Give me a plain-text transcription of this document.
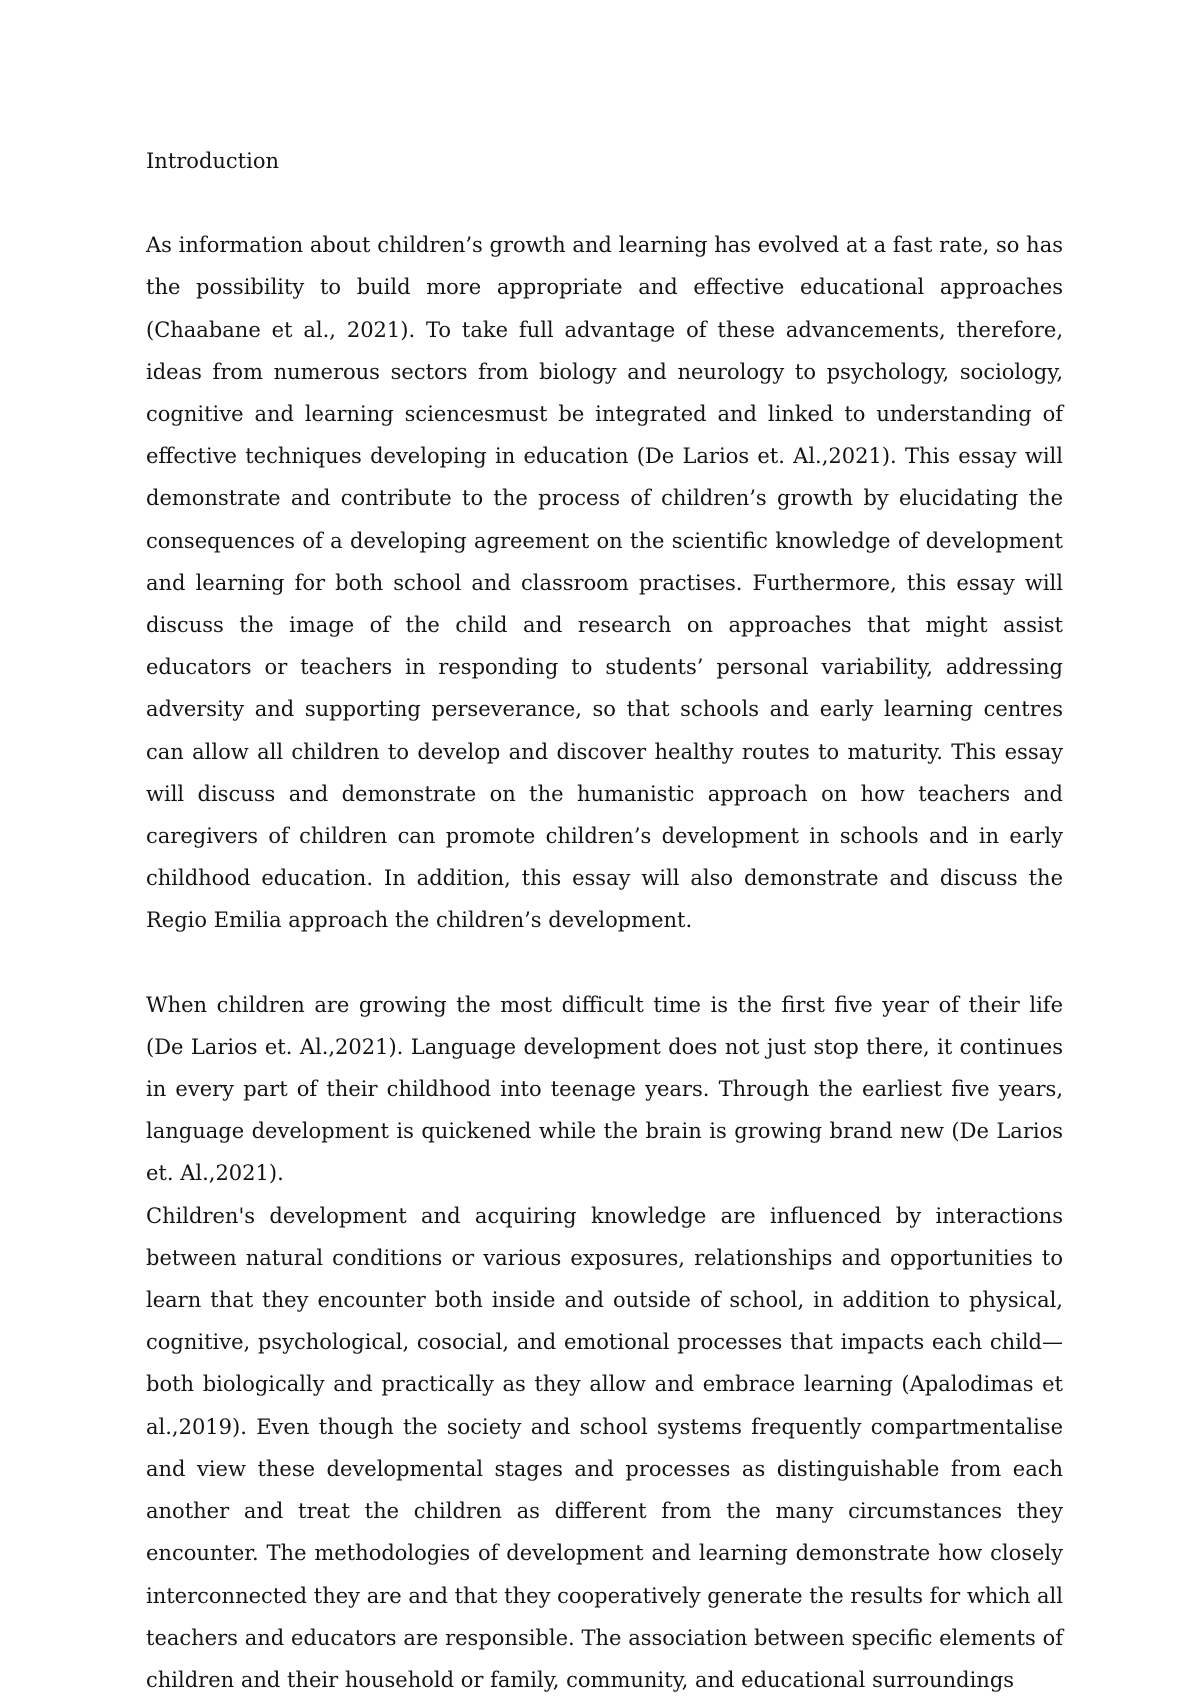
Introduction

As information about children’s growth and learning has evolved at a fast rate, so has the possibility to build more appropriate and effective educational approaches (Chaabane et al., 2021). To take full advantage of these advancements, therefore, ideas from numerous sectors from biology and neurology to psychology, sociology, cognitive and learning sciencesmust be integrated and linked to understanding of effective techniques developing in education (De Larios et. Al.,2021). This essay will demonstrate and contribute to the process of children’s growth by elucidating the consequences of a developing agreement on the scientific knowledge of development and learning for both school and classroom practises. Furthermore, this essay will discuss the image of the child and research on approaches that might assist educators or teachers in responding to students’ personal variability, addressing adversity and supporting perseverance, so that schools and early learning centres can allow all children to develop and discover healthy routes to maturity. This essay will discuss and demonstrate on the humanistic approach on how teachers and caregivers of children can promote children’s development in schools and in early childhood education. In addition, this essay will also demonstrate and discuss the Regio Emilia approach the children’s development.

When children are growing the most difficult time is the first five year of their life (De Larios et. Al.,2021). Language development does not just stop there, it continues in every part of their childhood into teenage years. Through the earliest five years, language development is quickened while the brain is growing brand new (De Larios et. Al.,2021).

Children's development and acquiring knowledge are influenced by interactions between natural conditions or various exposures, relationships and opportunities to learn that they encounter both inside and outside of school, in addition to physical, cognitive, psychological, cosocial, and emotional processes that impacts each child—both biologically and practically as they allow and embrace learning (Apalodimas et al.,2019). Even though the society and school systems frequently compartmentalise and view these developmental stages and processes as distinguishable from each another and treat the children as different from the many circumstances they encounter. The methodologies of development and learning demonstrate how closely interconnected they are and that they cooperatively generate the results for which all teachers and educators are responsible. The association between specific elements of children and their household or family, community, and educational surroundings
